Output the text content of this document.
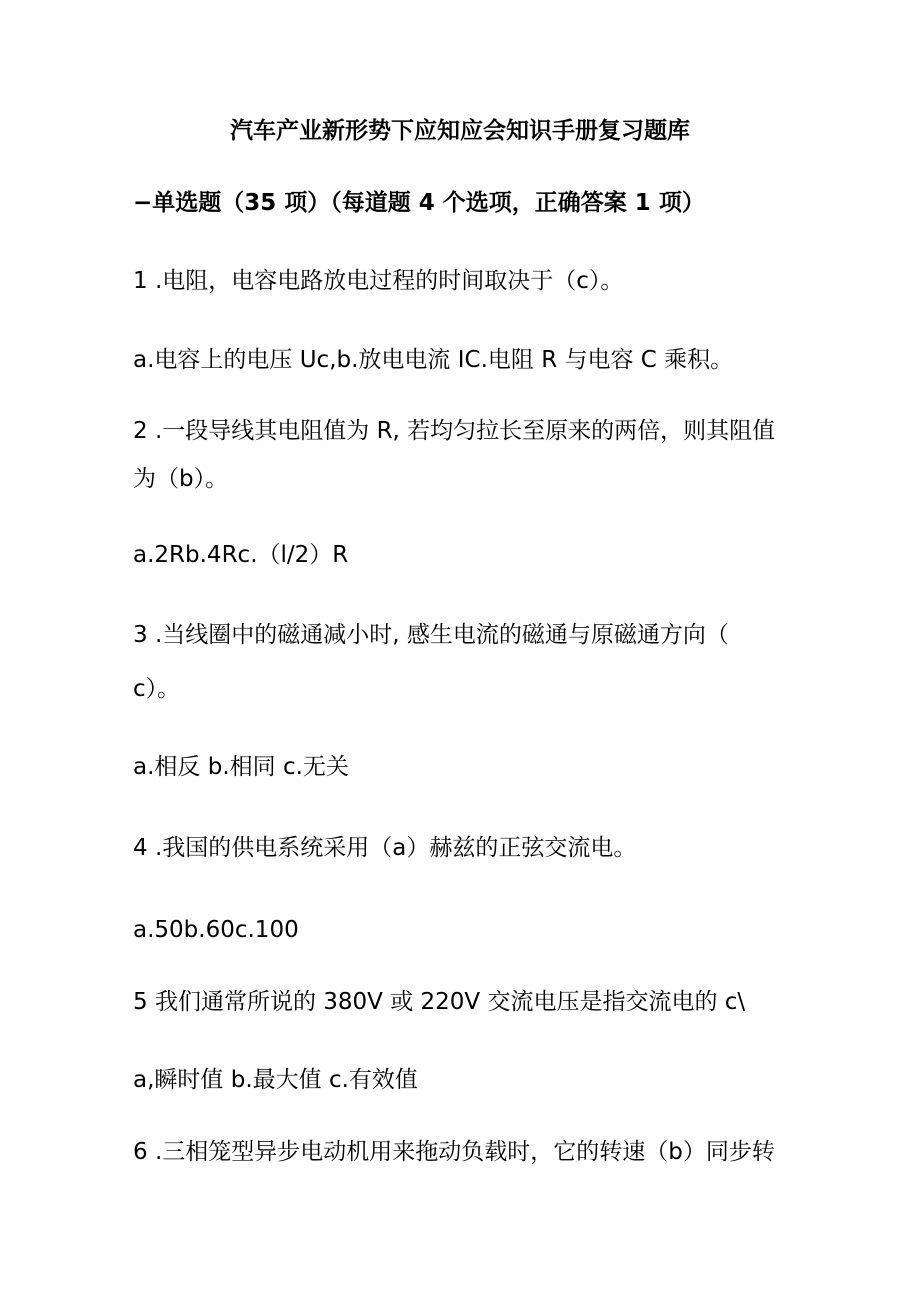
汽车产业新形势下应知应会知识手册复习题库
−单选题（35 项）（每道题 4 个选项，正确答案 1 项）
1 .电阻，电容电路放电过程的时间取决于（c）。
a.电容上的电压 Uc,b.放电电流 IC.电阻 R 与电容 C 乘积。
2 .一段导线其电阻值为 R, 若均匀拉长至原来的两倍，则其阻值
为（b）。
a.2Rb.4Rc.（l/2）R
3 .当线圈中的磁通减小时, 感生电流的磁通与原磁通方向（
c）。
a.相反 b.相同 c.无关
4 .我国的供电系统采用（a）赫兹的正弦交流电。
a.50b.60c.100
5 我们通常所说的 380V 或 220V 交流电压是指交流电的 c\
a,瞬时值 b.最大值 c.有效值
6 .三相笼型异步电动机用来拖动负载时，它的转速（b）同步转
